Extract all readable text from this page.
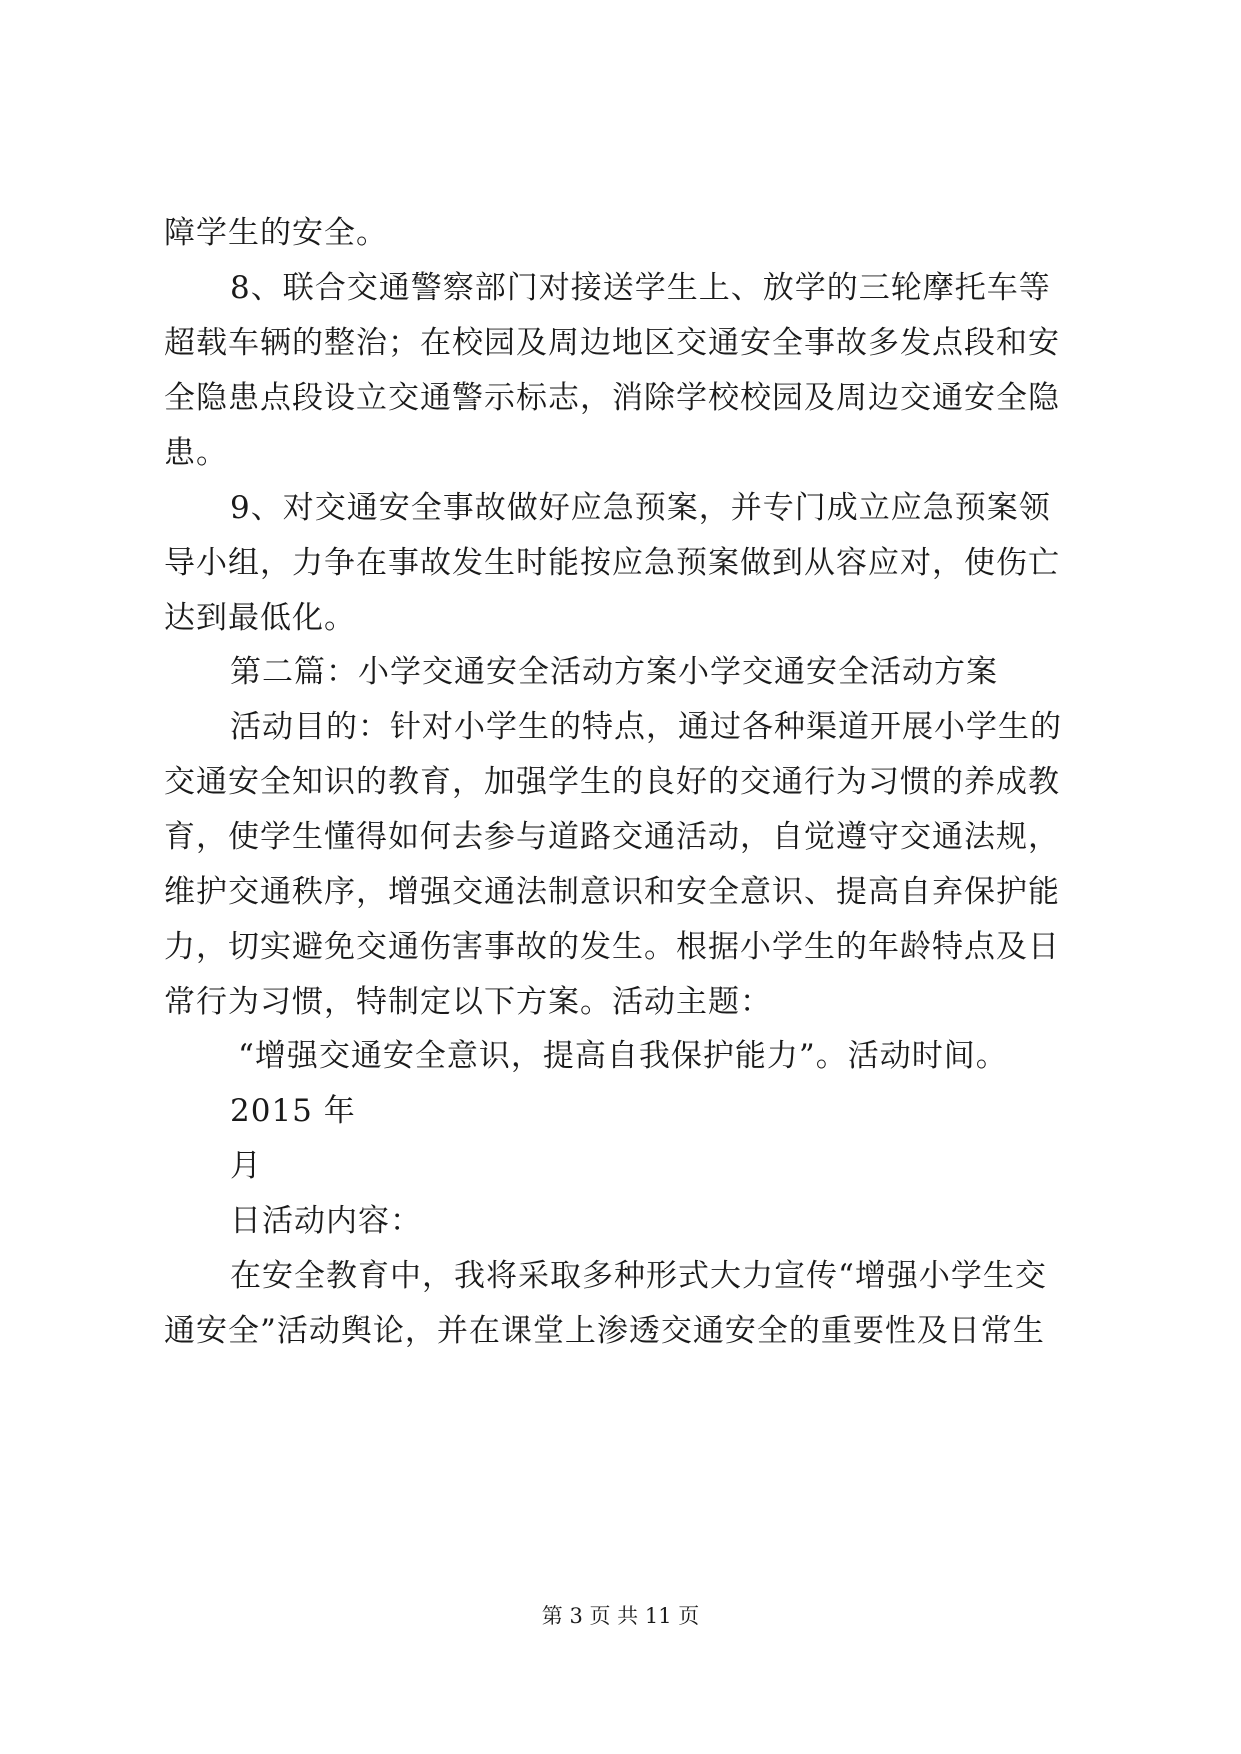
障学生的安全。
8、联合交通警察部门对接送学生上、放学的三轮摩托车等
超载车辆的整治；在校园及周边地区交通安全事故多发点段和安
全隐患点段设立交通警示标志，消除学校校园及周边交通安全隐
患。
9、对交通安全事故做好应急预案，并专门成立应急预案领
导小组，力争在事故发生时能按应急预案做到从容应对，使伤亡
达到最低化。
第二篇：小学交通安全活动方案小学交通安全活动方案
活动目的：针对小学生的特点，通过各种渠道开展小学生的
交通安全知识的教育，加强学生的良好的交通行为习惯的养成教
育，使学生懂得如何去参与道路交通活动，自觉遵守交通法规，
维护交通秩序，增强交通法制意识和安全意识、提高自弃保护能
力，切实避免交通伤害事故的发生。根据小学生的年龄特点及日
常行为习惯，特制定以下方案。活动主题：
“增强交通安全意识，提高自我保护能力”。活动时间。
2015 年
月
日活动内容：
在安全教育中，我将采取多种形式大力宣传“增强小学生交
通安全”活动舆论，并在课堂上渗透交通安全的重要性及日常生
第 3 页 共 11 页
